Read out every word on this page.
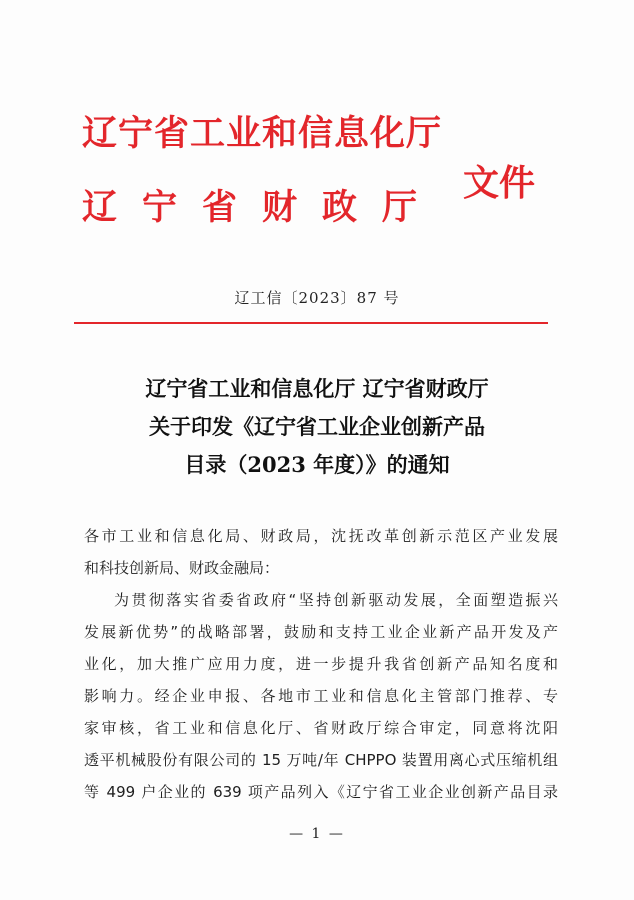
辽宁省工业和信息化厅
辽宁省财政厅
文件
辽工信〔2023〕87 号
辽宁省工业和信息化厅 辽宁省财政厅
关于印发《辽宁省工业企业创新产品
目录（2023 年度）》的通知
各市工业和信息化局、财政局，沈抚改革创新示范区产业发展
和科技创新局、财政金融局：
为贯彻落实省委省政府“坚持创新驱动发展，全面塑造振兴
发展新优势”的战略部署，鼓励和支持工业企业新产品开发及产
业化，加大推广应用力度，进一步提升我省创新产品知名度和
影响力。经企业申报、各地市工业和信息化主管部门推荐、专
家审核，省工业和信息化厅、省财政厅综合审定，同意将沈阳
透平机械股份有限公司的 15 万吨/年 CHPPO 装置用离心式压缩机组
等 499 户企业的 639 项产品列入《辽宁省工业企业创新产品目录
— 1 —
